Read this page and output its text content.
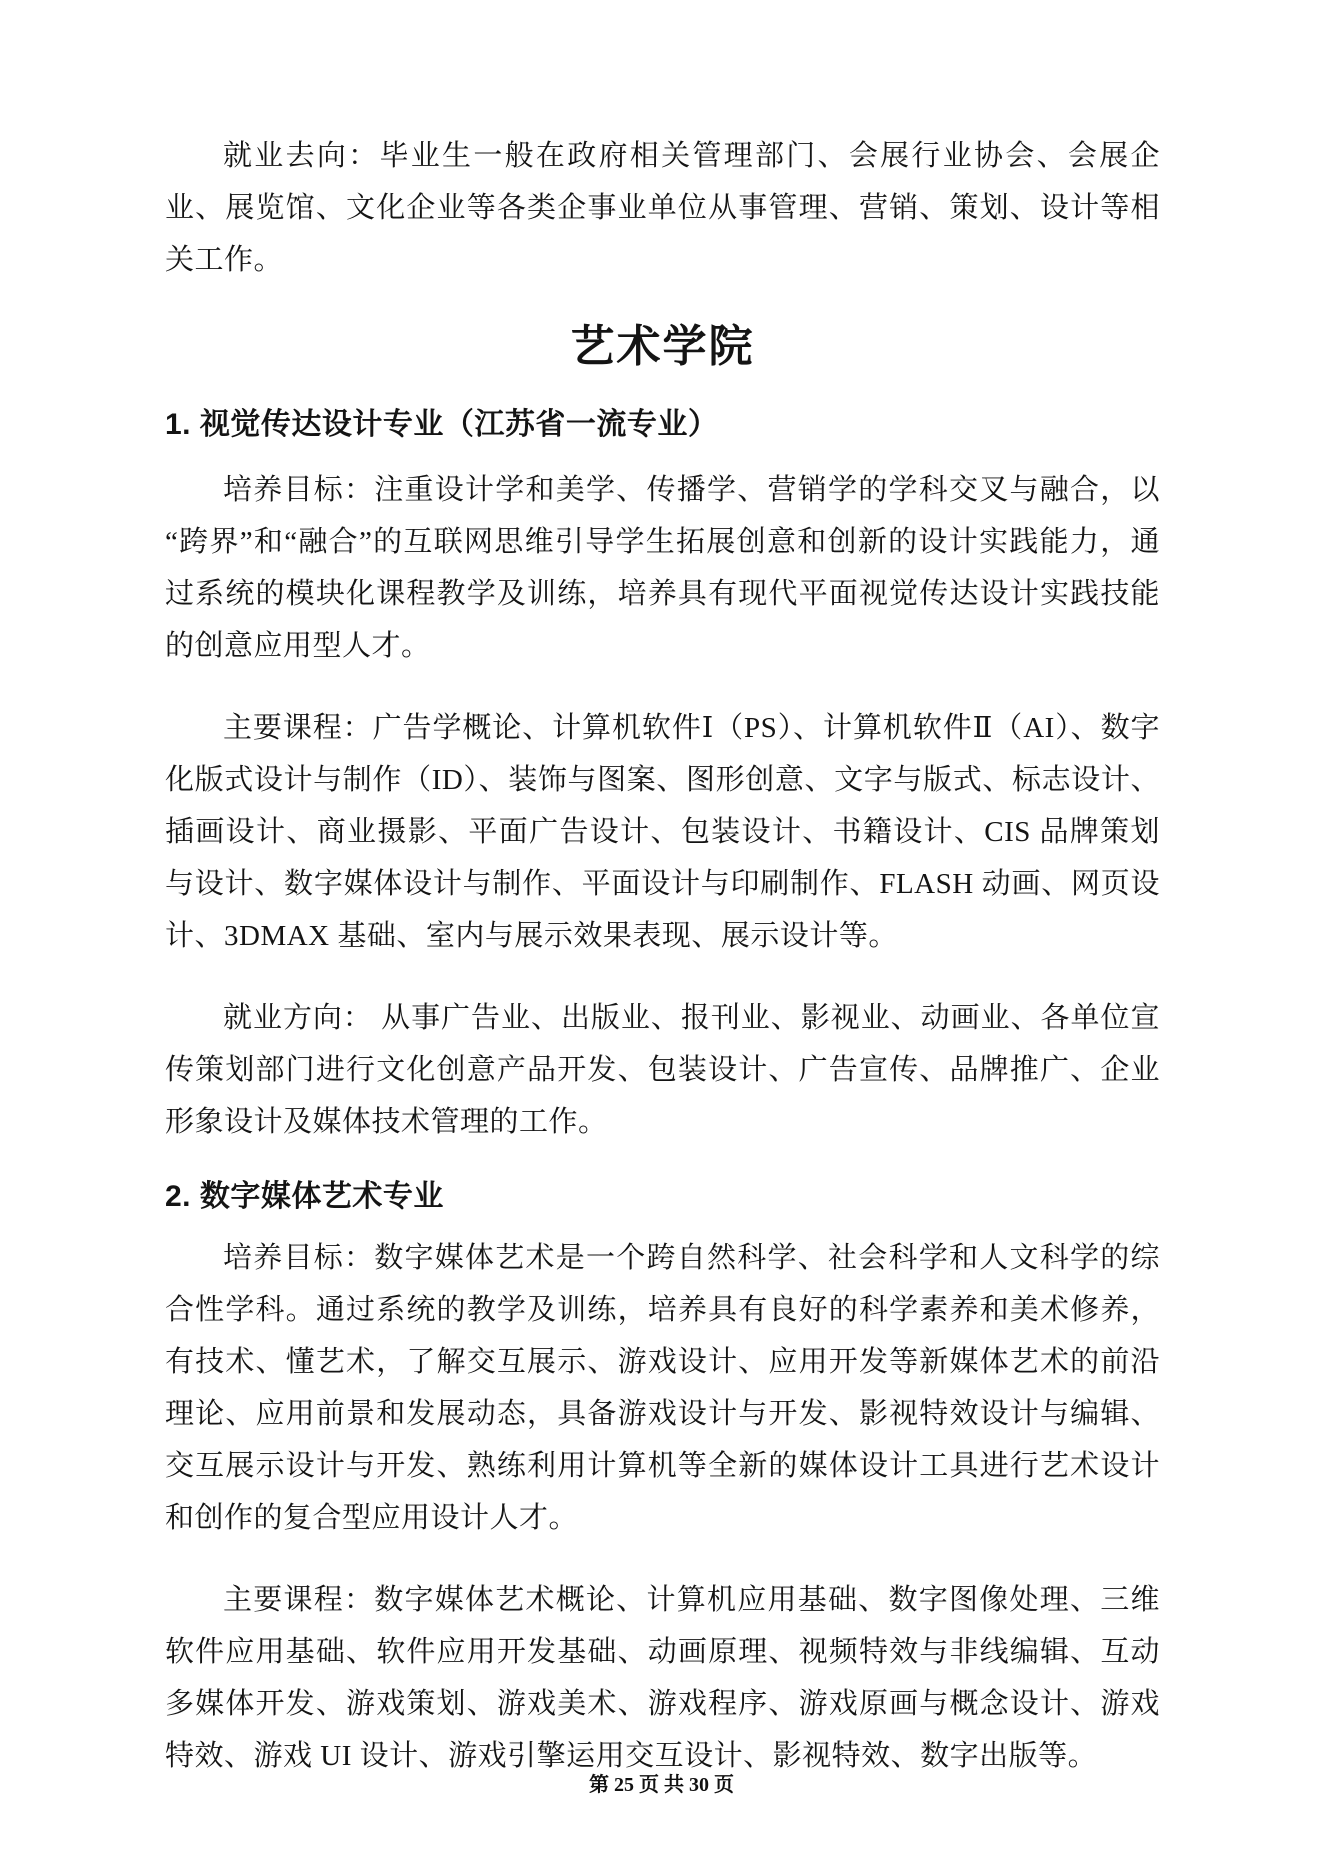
就业去向：毕业生一般在政府相关管理部门、会展行业协会、会展企业、展览馆、文化企业等各类企事业单位从事管理、营销、策划、设计等相关工作。

艺术学院
1. 视觉传达设计专业（江苏省一流专业）

培养目标：注重设计学和美学、传播学、营销学的学科交叉与融合，以“跨界”和“融合”的互联网思维引导学生拓展创意和创新的设计实践能力，通过系统的模块化课程教学及训练，培养具有现代平面视觉传达设计实践技能的创意应用型人才。

主要课程：广告学概论、计算机软件Ⅰ（PS）、计算机软件Ⅱ（AI）、数字化版式设计与制作（ID）、装饰与图案、图形创意、文字与版式、标志设计、插画设计、商业摄影、平面广告设计、包装设计、书籍设计、CIS 品牌策划与设计、数字媒体设计与制作、平面设计与印刷制作、FLASH 动画、网页设计、3DMAX 基础、室内与展示效果表现、展示设计等。

就业方向： 从事广告业、出版业、报刊业、影视业、动画业、各单位宣传策划部门进行文化创意产品开发、包装设计、广告宣传、品牌推广、企业形象设计及媒体技术管理的工作。

2. 数字媒体艺术专业

培养目标：数字媒体艺术是一个跨自然科学、社会科学和人文科学的综合性学科。通过系统的教学及训练，培养具有良好的科学素养和美术修养，有技术、懂艺术，了解交互展示、游戏设计、应用开发等新媒体艺术的前沿理论、应用前景和发展动态，具备游戏设计与开发、影视特效设计与编辑、交互展示设计与开发、熟练利用计算机等全新的媒体设计工具进行艺术设计和创作的复合型应用设计人才。

主要课程：数字媒体艺术概论、计算机应用基础、数字图像处理、三维软件应用基础、软件应用开发基础、动画原理、视频特效与非线编辑、互动多媒体开发、游戏策划、游戏美术、游戏程序、游戏原画与概念设计、游戏特效、游戏 UI 设计、游戏引擎运用交互设计、影视特效、数字出版等。

第 25 页 共 30 页
